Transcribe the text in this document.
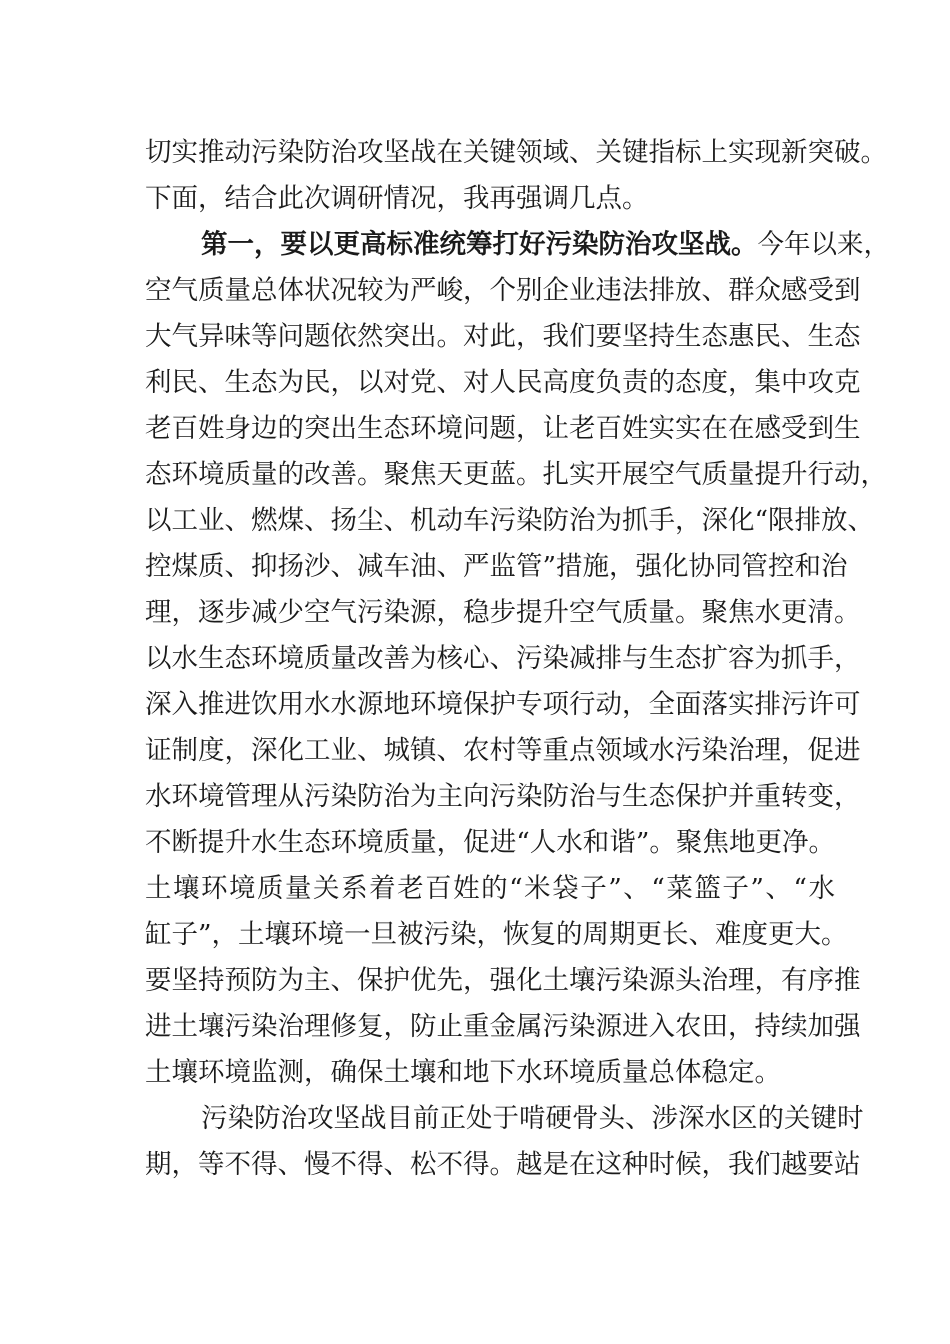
切实推动污染防治攻坚战在关键领域、关键指标上实现新突破。
下面，结合此次调研情况，我再强调几点。
第一，要以更高标准统筹打好污染防治攻坚战。今年以来，
空气质量总体状况较为严峻，个别企业违法排放、群众感受到
大气异味等问题依然突出。对此，我们要坚持生态惠民、生态
利民、生态为民，以对党、对人民高度负责的态度，集中攻克
老百姓身边的突出生态环境问题，让老百姓实实在在感受到生
态环境质量的改善。聚焦天更蓝。扎实开展空气质量提升行动，
以工业、燃煤、扬尘、机动车污染防治为抓手，深化“限排放、
控煤质、抑扬沙、减车油、严监管”措施，强化协同管控和治
理，逐步减少空气污染源，稳步提升空气质量。聚焦水更清。
以水生态环境质量改善为核心、污染减排与生态扩容为抓手，
深入推进饮用水水源地环境保护专项行动，全面落实排污许可
证制度，深化工业、城镇、农村等重点领域水污染治理，促进
水环境管理从污染防治为主向污染防治与生态保护并重转变，
不断提升水生态环境质量，促进“人水和谐”。聚焦地更净。
土壤环境质量关系着老百姓的“米袋子”、“菜篮子”、“水
缸子”，土壤环境一旦被污染，恢复的周期更长、难度更大。
要坚持预防为主、保护优先，强化土壤污染源头治理，有序推
进土壤污染治理修复，防止重金属污染源进入农田，持续加强
土壤环境监测，确保土壤和地下水环境质量总体稳定。
污染防治攻坚战目前正处于啃硬骨头、涉深水区的关键时
期，等不得、慢不得、松不得。越是在这种时候，我们越要站
